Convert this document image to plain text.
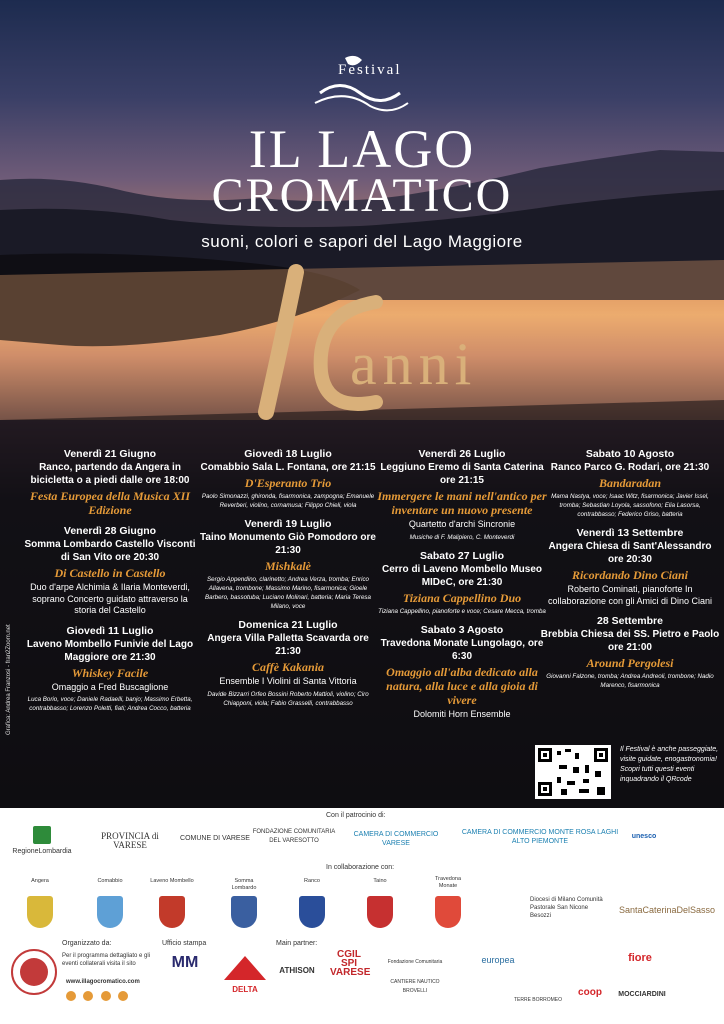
Festival
IL LAGO
CROMATICO
suoni, colori e sapori del Lago Maggiore
anni
Grafica: Andrea Franzosi - fran2Zoom.net
Venerdì 21 Giugno
Ranco, partendo da Angera in bicicletta o a piedi dalle ore 18:00
Festa Europea della Musica XII Edizione
Venerdì 28 Giugno
Somma Lombardo Castello Visconti di San Vito ore 20:30
Di Castello in Castello
Duo d'arpe Alchimia & Ilaria Monteverdi, soprano Concerto guidato attraverso la storia del Castello
Giovedì 11 Luglio
Laveno Mombello Funivie del Lago Maggiore ore 21:30
Whiskey Facile
Omaggio a Fred Buscaglione
Luca Borio, voce; Daniele Radaelli, banjo; Massimo Erbetta, contrabbasso; Lorenzo Poletti, fiati; Andrea Cocco, batteria
Giovedì 18 Luglio
Comabbio Sala L. Fontana, ore 21:15
D'Esperanto Trio
Paolo Simonazzi, ghironda, fisarmonica, zampogna; Emanuele Reverberi, violino, cornamusa; Filippo Chieli, viola
Venerdì 19 Luglio
Taino Monumento Giò Pomodoro ore 21:30
Mishkalè
Sergio Appendino, clarinetto; Andrea Verza, tromba; Enrico Allavena, trombone; Massimo Marino, fisarmonica; Gioele Barbero, bassotuba; Luciano Molinari, batteria; Maria Teresa Milano, voce
Domenica 21 Luglio
Angera Villa Palletta Scavarda ore 21:30
Caffè Kakania
Ensemble I Violini di Santa Vittoria
Davide Bizzarri Orfeo Bossini Roberto Mattioli, violino; Ciro Chiapponi, viola; Fabio Grasselli, contrabbasso
Venerdì 26 Luglio
Leggiuno Eremo di Santa Caterina ore 21:15
Immergere le mani nell'antico per inventare un nuovo presente
Quartetto d'archi Sincronie
Musiche di F. Malipiero, C. Monteverdi
Sabato 27 Luglio
Cerro di Laveno Mombello Museo MIDeC, ore 21:30
Tiziana Cappellino Duo
Tiziana Cappellino, pianoforte e voce; Cesare Mecca, tromba
Sabato 3 Agosto
Travedona Monate Lungolago, ore 6:30
Omaggio all'alba dedicato alla natura, alla luce e alla gioia di vivere
Dolomiti Horn Ensemble
Sabato 10 Agosto
Ranco Parco G. Rodari, ore 21:30
Bandaradan
Mama Nastya, voce; Isaac Witz, fisarmonica; Javier Issel, tromba; Sebastian Loyola, sassofono; Elia Lasorsa, contrabbasso; Federico Griso, batteria
Venerdì 13 Settembre
Angera Chiesa di Sant'Alessandro ore 20:30
Ricordando Dino Ciani
Roberto Cominati, pianoforte In collaborazione con gli Amici di Dino Ciani
28 Settembre
Brebbia Chiesa dei SS. Pietro e Paolo ore 21:00
Around Pergolesi
Giovanni Falzone, tromba; Andrea Andreoli, trombone; Nadio Marenco, fisarmonica
Il Festival è anche passeggiate, visite guidate, enogastronomia! Scopri tutti questi eventi inquadrando il QRcode
Con il patrocinio di:

RegioneLombardia
PROVINCIA di VARESE
COMUNE DI VARESE
FONDAZIONE COMUNITARIA DEL VARESOTTO
CAMERA DI COMMERCIO VARESE
CAMERA DI COMMERCIO MONTE ROSA LAGHI ALTO PIEMONTE
unesco
In collaborazione con:
Angera	Comabbio	Laveno Mombello	Somma Lombardo
Ranco	Taino	Travedona Monate
Diocesi di Milano Comunità Pastorale San Nicone Besozzi
SantaCaterinaDelSasso
Organizzato da:
Per il programma dettagliato e gli eventi collaterali visita il sito
www.illagocromatico.com

Ufficio stampa
MM
Main partner:
DELTA
ATHISON
CGIL SPI VARESE
Fondazione Comunitaria
CANTIERE NAUTICO BROVELLI
europea	fiore
coop	MOCCIARDINI
TERRE BORROMEO
